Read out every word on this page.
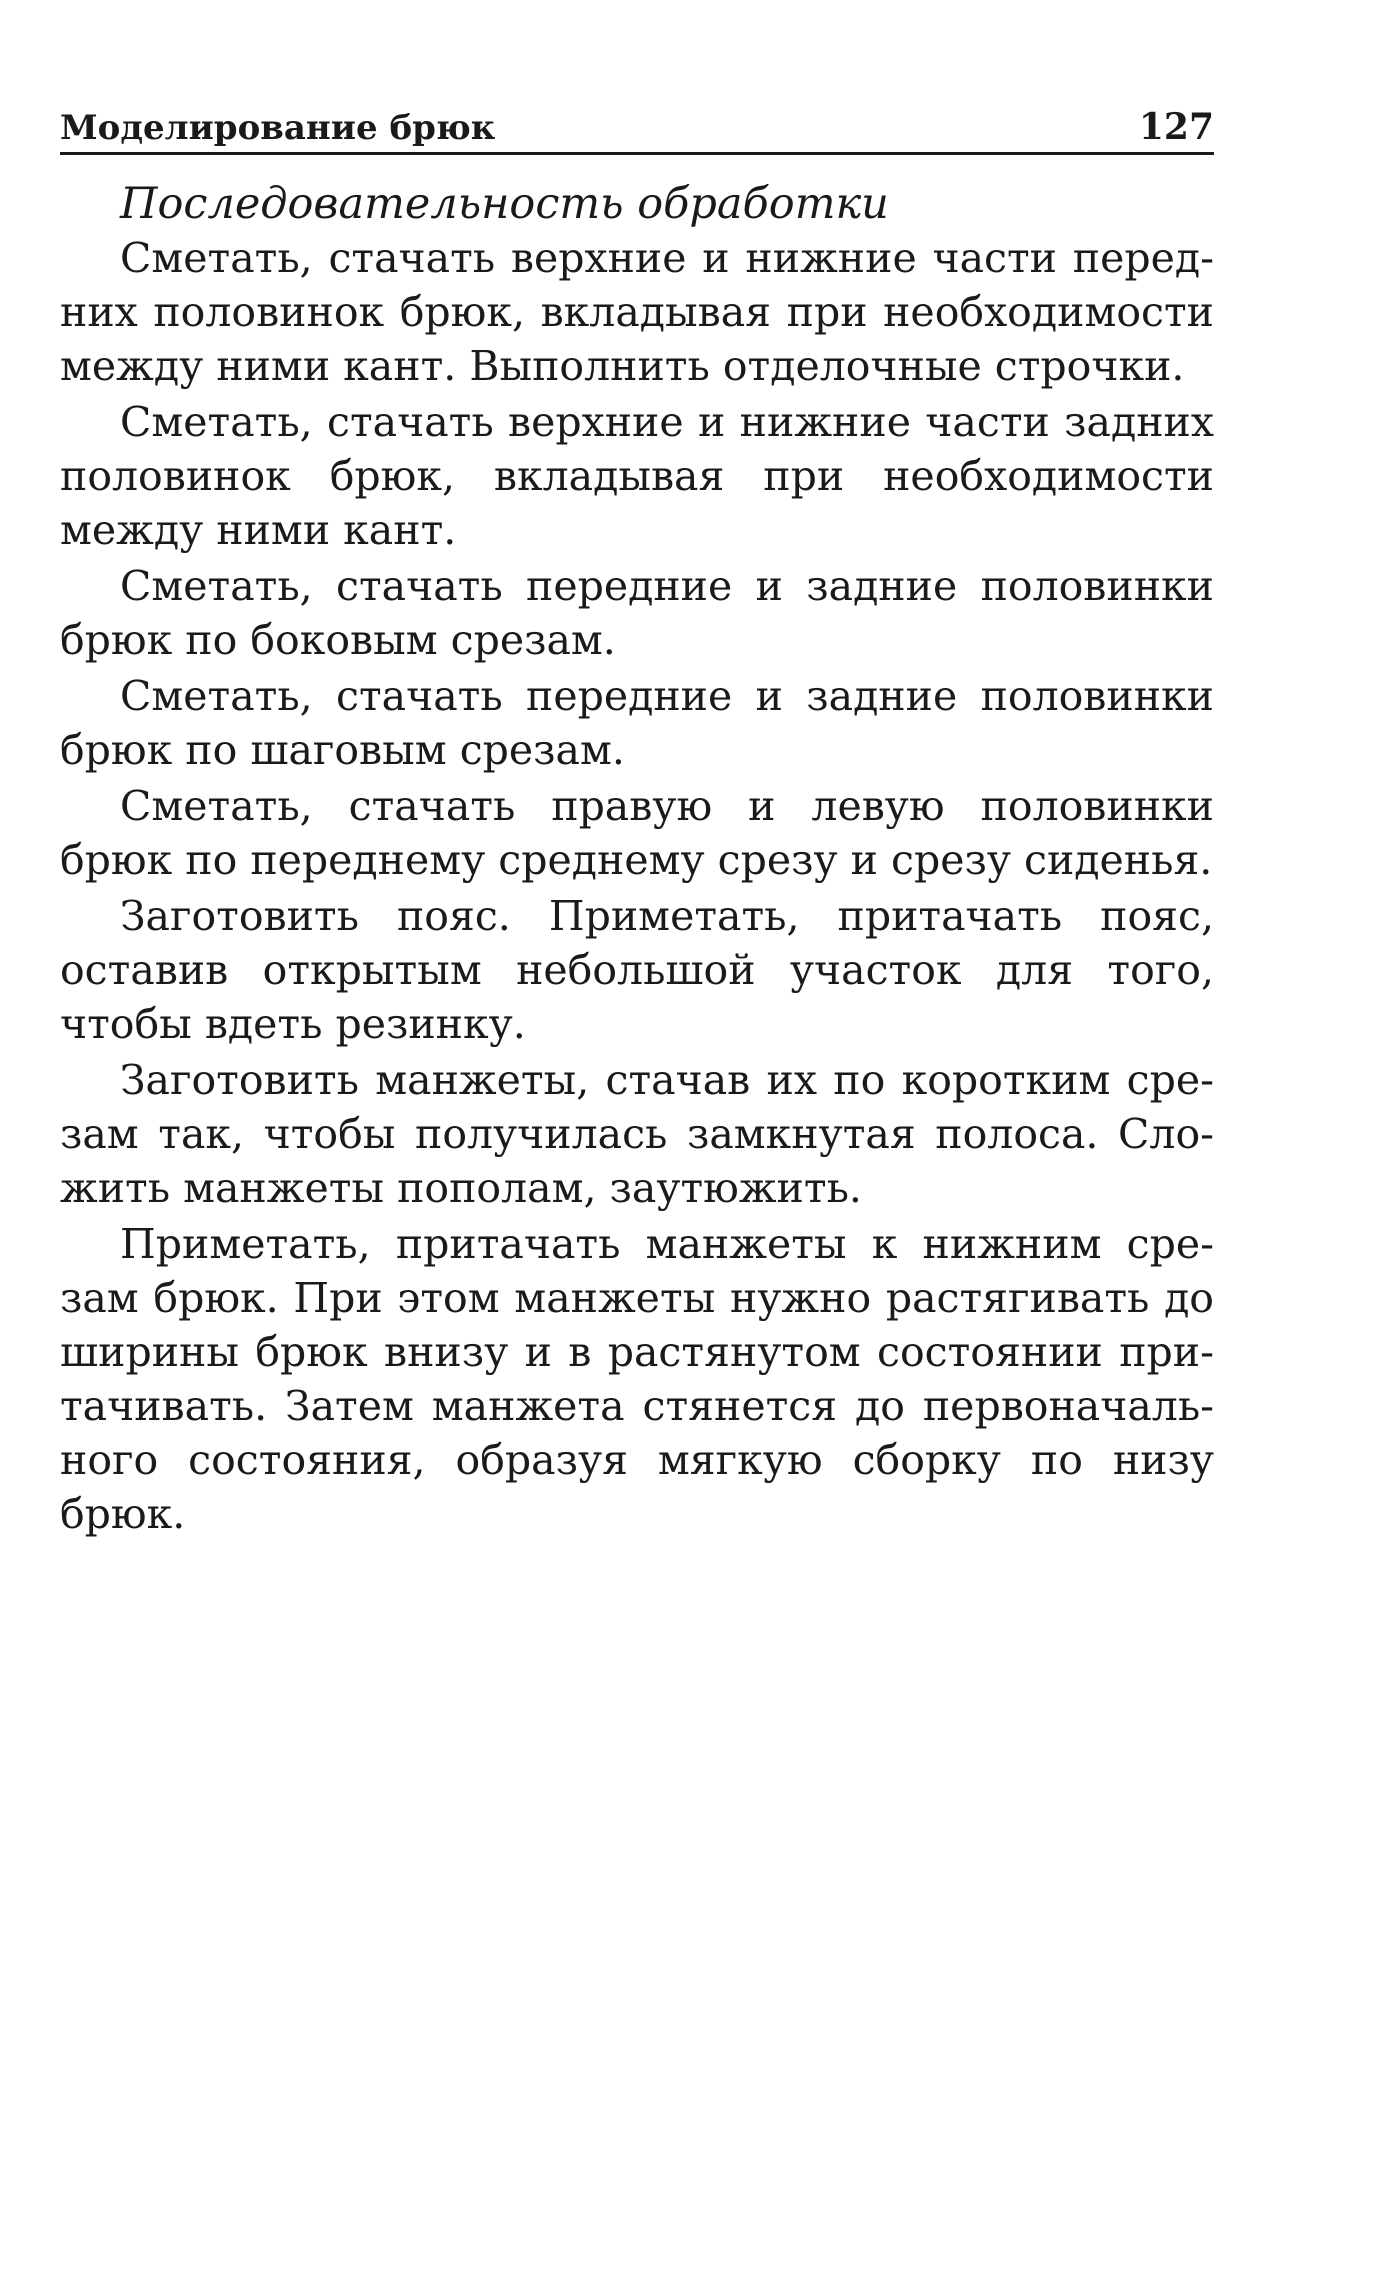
Моделирование брюк	127
Последовательность обработки
Сметать, стачать верхние и нижние части перед-
них половинок брюк, вкладывая при необходимости
между ними кант. Выполнить отделочные строчки.
Сметать, стачать верхние и нижние части задних
половинок брюк, вкладывая при необходимости
между ними кант.
Сметать, стачать передние и задние половинки
брюк по боковым срезам.
Сметать, стачать передние и задние половинки
брюк по шаговым срезам.
Сметать, стачать правую и левую половинки
брюк по переднему среднему срезу и срезу сиденья.
Заготовить пояс. Приметать, притачать пояс,
оставив открытым небольшой участок для того,
чтобы вдеть резинку.
Заготовить манжеты, стачав их по коротким сре-
зам так, чтобы получилась замкнутая полоса. Сло-
жить манжеты пополам, заутюжить.
Приметать, притачать манжеты к нижним сре-
зам брюк. При этом манжеты нужно растягивать до
ширины брюк внизу и в растянутом состоянии при-
тачивать. Затем манжета стянется до первоначаль-
ного состояния, образуя мягкую сборку по низу
брюк.
